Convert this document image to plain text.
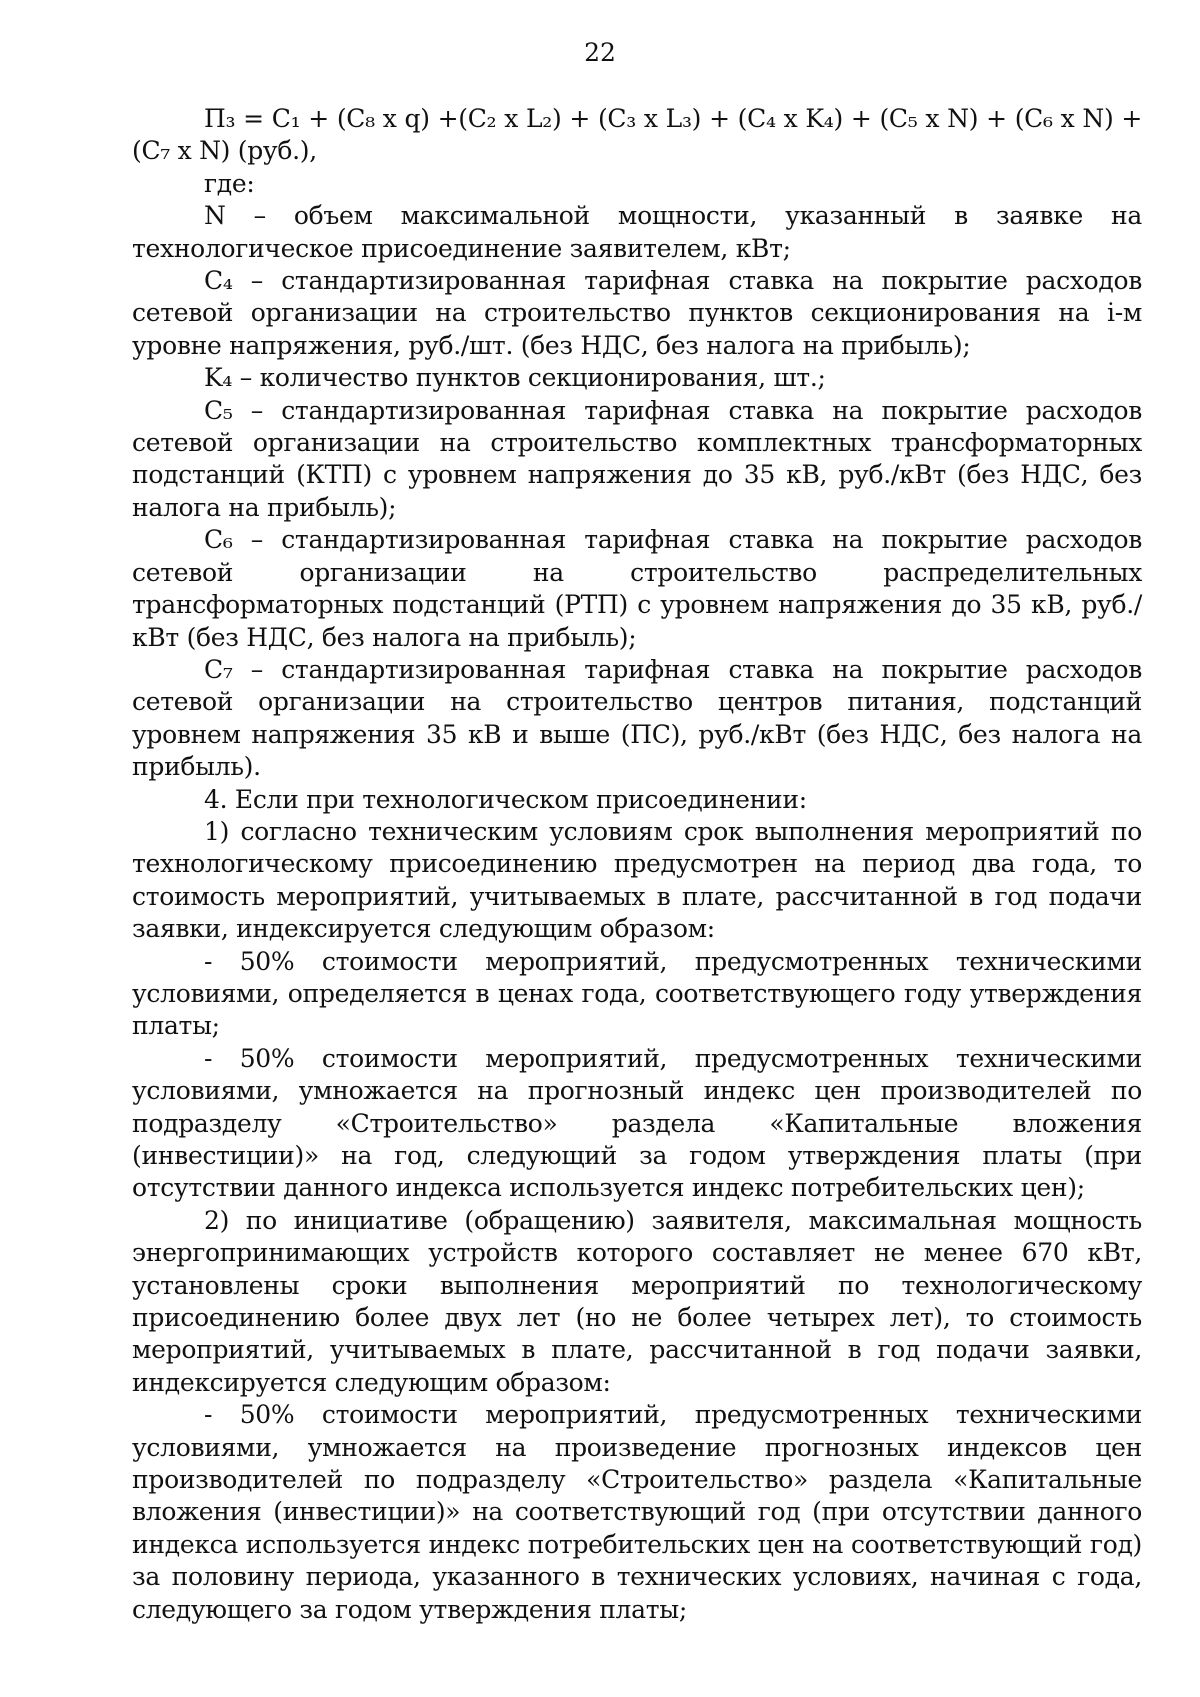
22

П₃ = С₁ + (С₈ х q) +(С₂ х L₂) + (С₃ х L₃) + (С₄ х K₄) + (С₅ х N) + (С₆ х N) + (С₇ х N) (руб.),

где:

N – объем максимальной мощности, указанный в заявке на технологическое присоединение заявителем, кВт;

С₄ – стандартизированная тарифная ставка на покрытие расходов сетевой организации на строительство пунктов секционирования на i-м уровне напряжения, руб./шт. (без НДС, без налога на прибыль);

K₄ – количество пунктов секционирования, шт.;

С₅ – стандартизированная тарифная ставка на покрытие расходов сетевой организации на строительство комплектных трансформаторных подстанций (КТП) с уровнем напряжения до 35 кВ, руб./кВт (без НДС, без налога на прибыль);

С₆ – стандартизированная тарифная ставка на покрытие расходов сетевой организации на строительство распределительных трансформаторных подстанций (РТП) с уровнем напряжения до 35 кВ, руб./кВт (без НДС, без налога на прибыль);

С₇ – стандартизированная тарифная ставка на покрытие расходов сетевой организации на строительство центров питания, подстанций уровнем напряжения 35 кВ и выше (ПС), руб./кВт (без НДС, без налога на прибыль).

4. Если при технологическом присоединении:

1) согласно техническим условиям срок выполнения мероприятий по технологическому присоединению предусмотрен на период два года, то стоимость мероприятий, учитываемых в плате, рассчитанной в год подачи заявки, индексируется следующим образом:

- 50% стоимости мероприятий, предусмотренных техническими условиями, определяется в ценах года, соответствующего году утверждения платы;

- 50% стоимости мероприятий, предусмотренных техническими условиями, умножается на прогнозный индекс цен производителей по подразделу «Строительство» раздела «Капитальные вложения (инвестиции)» на год, следующий за годом утверждения платы (при отсутствии данного индекса используется индекс потребительских цен);

2) по инициативе (обращению) заявителя, максимальная мощность энергопринимающих устройств которого составляет не менее 670 кВт, установлены сроки выполнения мероприятий по технологическому присоединению более двух лет (но не более четырех лет), то стоимость мероприятий, учитываемых в плате, рассчитанной в год подачи заявки, индексируется следующим образом:

- 50% стоимости мероприятий, предусмотренных техническими условиями, умножается на произведение прогнозных индексов цен производителей по подразделу «Строительство» раздела «Капитальные вложения (инвестиции)» на соответствующий год (при отсутствии данного индекса используется индекс потребительских цен на соответствующий год) за половину периода, указанного в технических условиях, начиная с года, следующего за годом утверждения платы;
